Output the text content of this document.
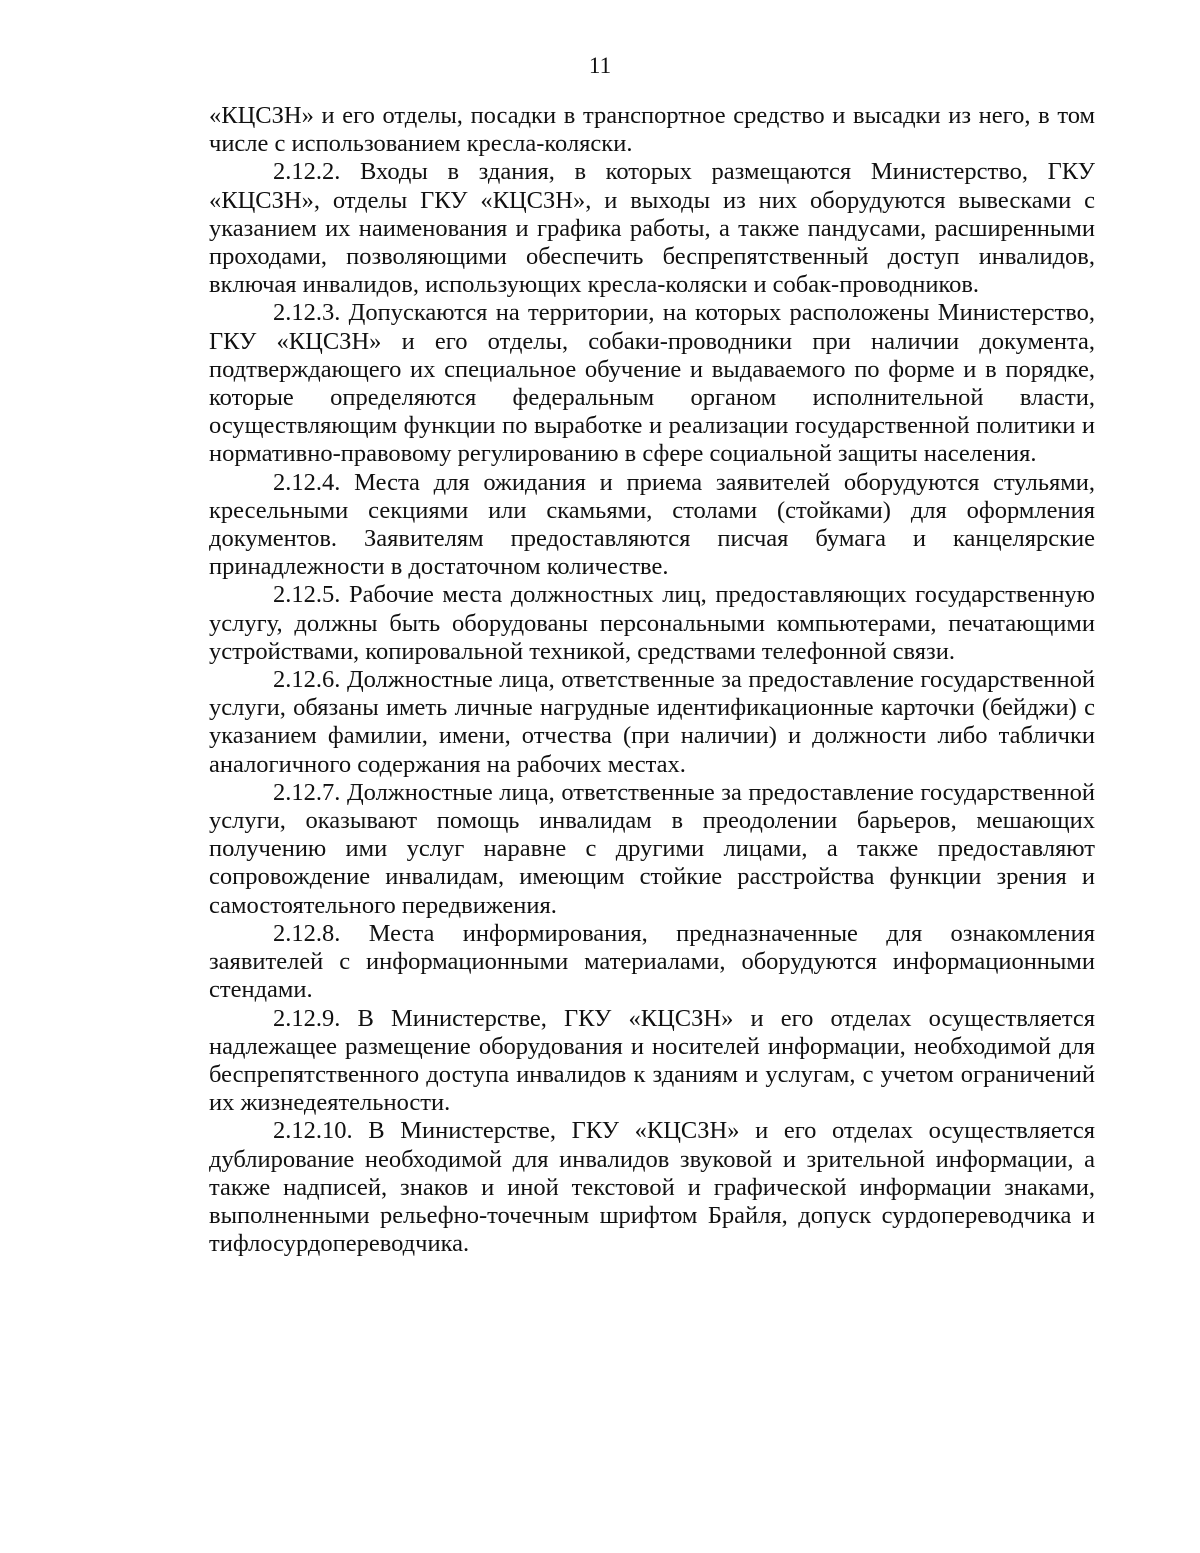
11

«КЦСЗН» и его отделы, посадки в транспортное средство и высадки из него, в том числе с использованием кресла-коляски.

2.12.2. Входы в здания, в которых размещаются Министерство, ГКУ «КЦСЗН», отделы ГКУ «КЦСЗН», и выходы из них оборудуются вывесками с указанием их наименования и графика работы, а также пандусами, расширенными проходами, позволяющими обеспечить беспрепятственный доступ инвалидов, включая инвалидов, использующих кресла-коляски и собак-проводников.

2.12.3. Допускаются на территории, на которых расположены Министерство, ГКУ «КЦСЗН» и его отделы, собаки-проводники при наличии документа, подтверждающего их специальное обучение и выдаваемого по форме и в порядке, которые определяются федеральным органом исполнительной власти, осуществляющим функции по выработке и реализации государственной политики и нормативно-правовому регулированию в сфере социальной защиты населения.

2.12.4. Места для ожидания и приема заявителей оборудуются стульями, кресельными секциями или скамьями, столами (стойками) для оформления документов. Заявителям предоставляются писчая бумага и канцелярские принадлежности в достаточном количестве.

2.12.5. Рабочие места должностных лиц, предоставляющих государственную услугу, должны быть оборудованы персональными компьютерами, печатающими устройствами, копировальной техникой, средствами телефонной связи.

2.12.6. Должностные лица, ответственные за предоставление государственной услуги, обязаны иметь личные нагрудные идентификационные карточки (бейджи) с указанием фамилии, имени, отчества (при наличии) и должности либо таблички аналогичного содержания на рабочих местах.

2.12.7. Должностные лица, ответственные за предоставление государственной услуги, оказывают помощь инвалидам в преодолении барьеров, мешающих получению ими услуг наравне с другими лицами, а также предоставляют сопровождение инвалидам, имеющим стойкие расстройства функции зрения и самостоятельного передвижения.

2.12.8. Места информирования, предназначенные для ознакомления заявителей с информационными материалами, оборудуются информационными стендами.

2.12.9. В Министерстве, ГКУ «КЦСЗН» и его отделах осуществляется надлежащее размещение оборудования и носителей информации, необходимой для беспрепятственного доступа инвалидов к зданиям и услугам, с учетом ограничений их жизнедеятельности.

2.12.10. В Министерстве, ГКУ «КЦСЗН» и его отделах осуществляется дублирование необходимой для инвалидов звуковой и зрительной информации, а также надписей, знаков и иной текстовой и графической информации знаками, выполненными рельефно-точечным шрифтом Брайля, допуск сурдопереводчика и тифлосурдопереводчика.
